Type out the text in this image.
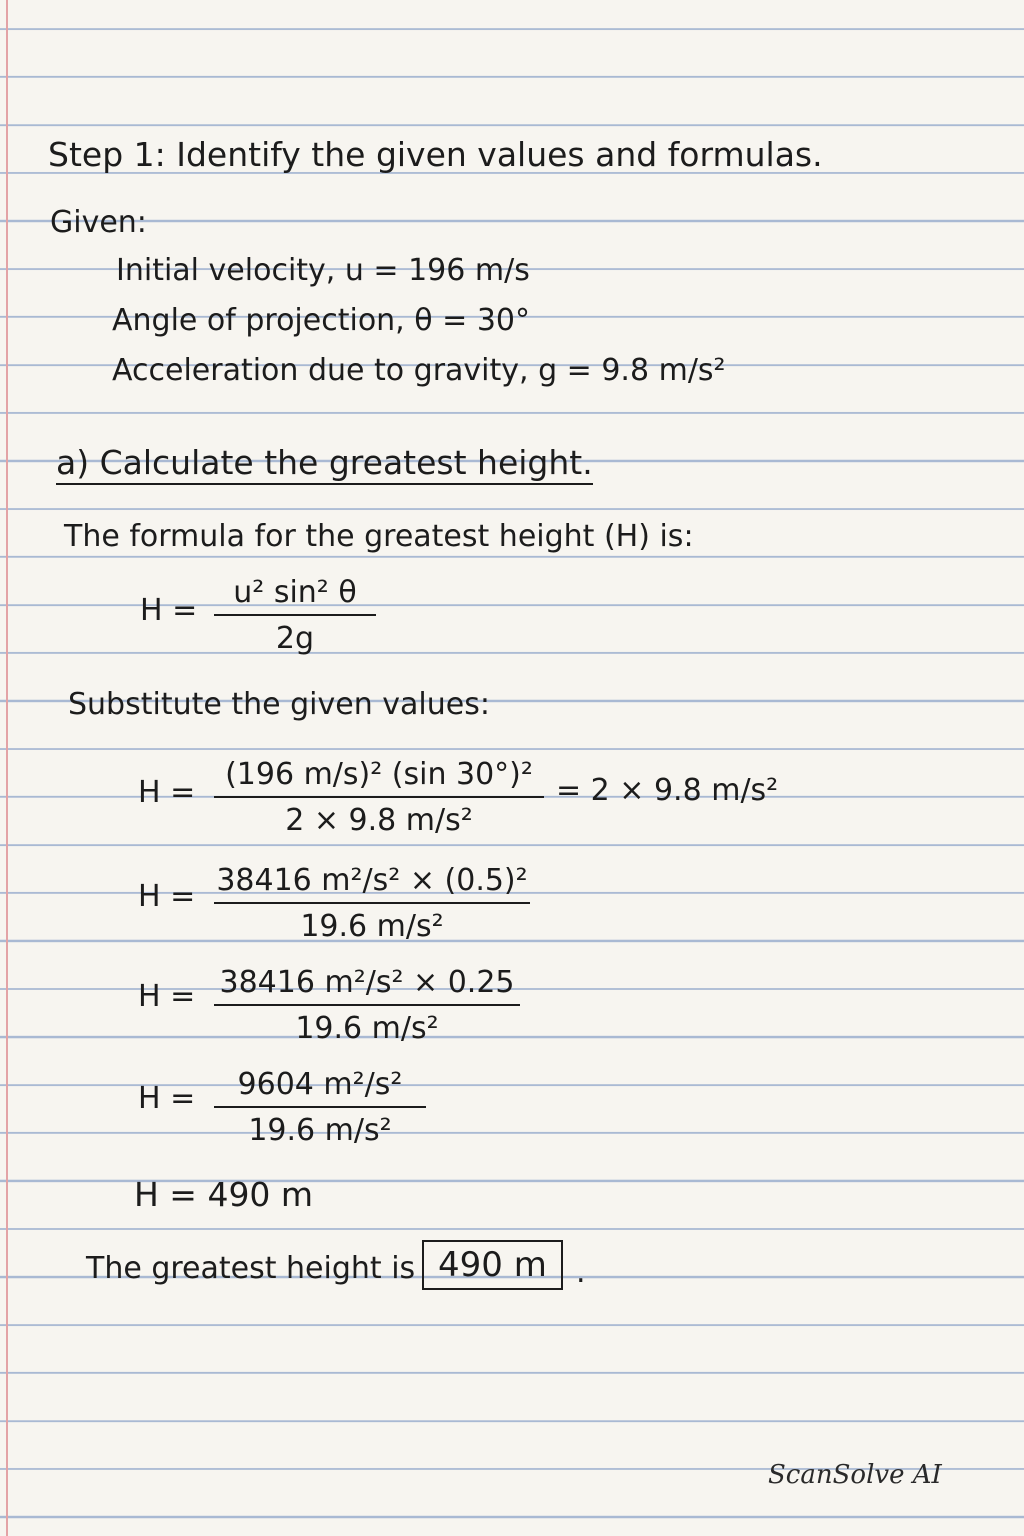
Step 1: Identify the given values and formulas.
Given:
Initial velocity, u = 196 m/s
Angle of projection, θ = 30°
Acceleration due to gravity, g = 9.8 m/s²
a) Calculate the greatest height.
The formula for the greatest height (H) is:
H =
u² sin² θ
2g
Substitute the given values:
H =
(196 m/s)² (sin 30°)²
2 × 9.8 m/s²
= 2 × 9.8 m/s²
H = 38416 m²/s² × (0.5)²
19.6 m/s²
H = 38416 m²/s² × 0.25
19.6 m/s²
H = 9604 m²/s²
19.6 m/s²
H = 490 m
The greatest height is 490 m .
ScanSolve AI
